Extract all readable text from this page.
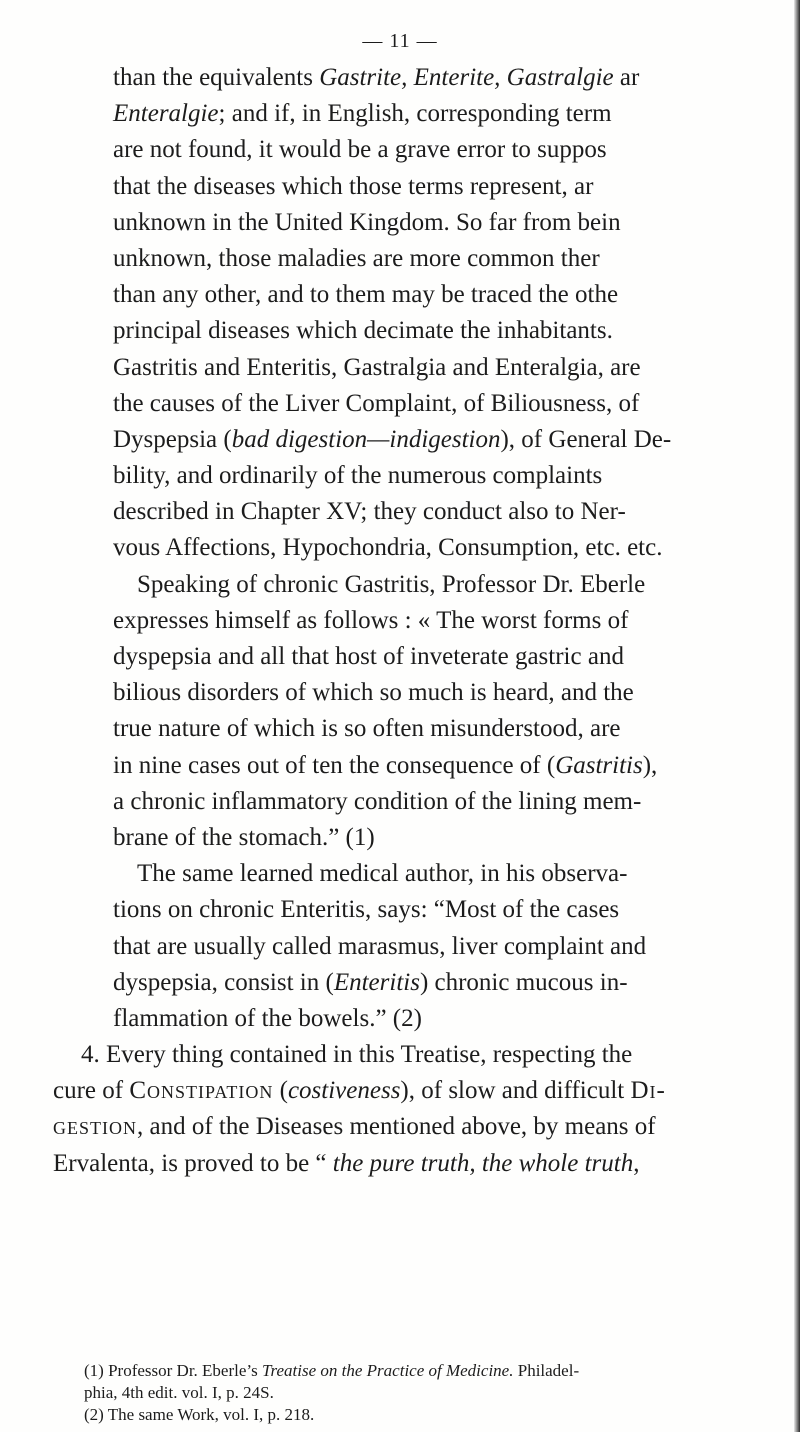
— 11 —
than the equivalents Gastrite, Enterite, Gastralgie ar
Enteralgie; and if, in English, corresponding term
are not found, it would be a grave error to suppos
that the diseases which those terms represent, ar
unknown in the United Kingdom. So far from bein
unknown, those maladies are more common ther
than any other, and to them may be traced the othe
principal diseases which decimate the inhabitants.
Gastritis and Enteritis, Gastralgia and Enteralgia, are
the causes of the Liver Complaint, of Biliousness, of
Dyspepsia (bad digestion—indigestion), of General De-
bility, and ordinarily of the numerous complaints
described in Chapter XV; they conduct also to Ner-
vous Affections, Hypochondria, Consumption, etc. etc.
Speaking of chronic Gastritis, Professor Dr. Eberle
expresses himself as follows : « The worst forms of
dyspepsia and all that host of inveterate gastric and
bilious disorders of which so much is heard, and the
true nature of which is so often misunderstood, are
in nine cases out of ten the consequence of (Gastritis),
a chronic inflammatory condition of the lining mem-
brane of the stomach.” (1)
The same learned medical author, in his observa-
tions on chronic Enteritis, says: “Most of the cases
that are usually called marasmus, liver complaint and
dyspepsia, consist in (Enteritis) chronic mucous in-
flammation of the bowels.” (2)
4. Every thing contained in this Treatise, respecting the
cure of Constipation (costiveness), of slow and difficult Di-
gestion, and of the Diseases mentioned above, by means of
Ervalenta, is proved to be “ the pure truth, the whole truth,
(1) Professor Dr. Eberle’s Treatise on the Practice of Medicine. Philadel-
phia, 4th edit. vol. I, p. 24S.
(2) The same Work, vol. I, p. 218.
